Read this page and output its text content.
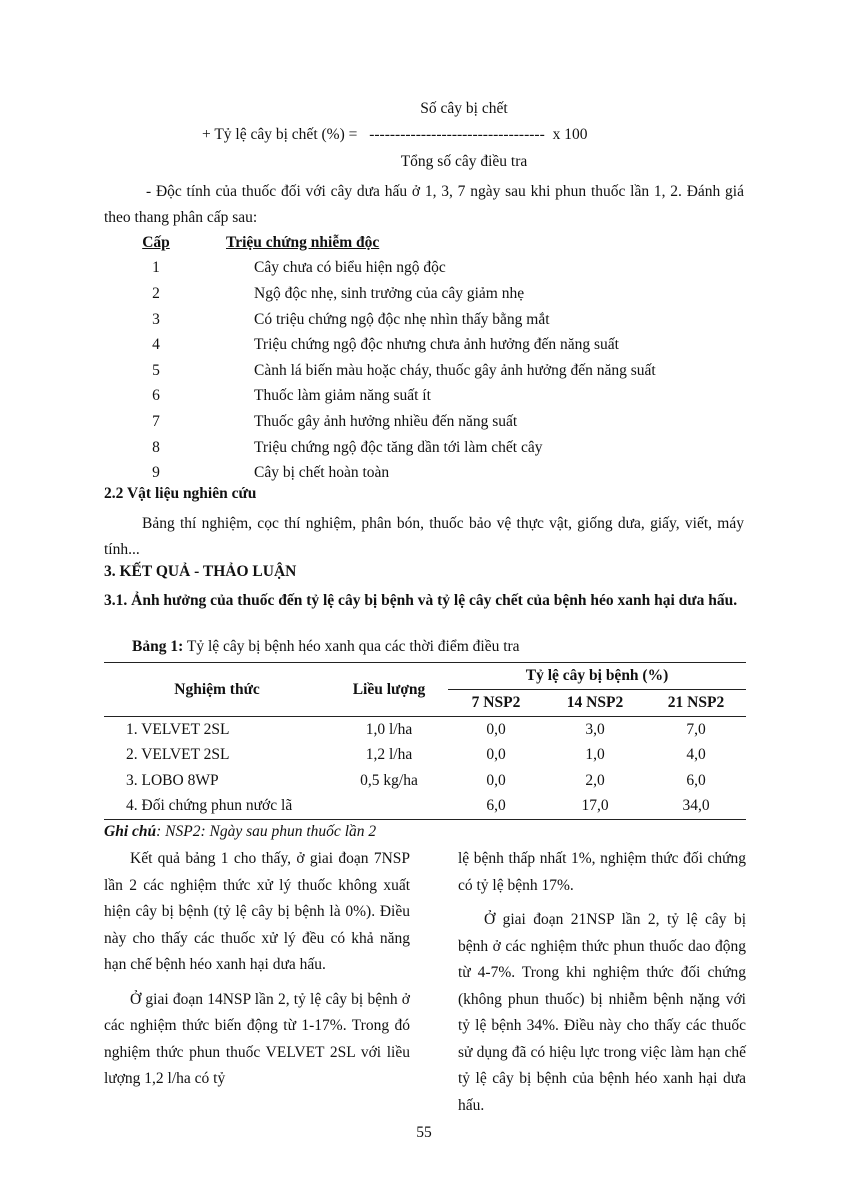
Số cây bị chết
+ Tỷ lệ cây bị chết (%) = ---------------------------------- x 100
Tổng số cây điều tra
- Độc tính của thuốc đối với cây dưa hấu ở 1, 3, 7 ngày sau khi phun thuốc lần 1, 2. Đánh giá theo thang phân cấp sau:
Cấp	Triệu chứng nhiễm độc
1	Cây chưa có biểu hiện ngộ độc
2	Ngộ độc nhẹ, sinh trưởng của cây giảm nhẹ
3	Có triệu chứng ngộ độc nhẹ nhìn thấy bằng mắt
4	Triệu chứng ngộ độc nhưng chưa ảnh hưởng đến năng suất
5	Cành lá biến màu hoặc cháy, thuốc gây ảnh hưởng đến năng suất
6	Thuốc làm giảm năng suất ít
7	Thuốc gây ảnh hưởng nhiều đến năng suất
8	Triệu chứng ngộ độc tăng dần tới làm chết cây
9	Cây bị chết hoàn toàn
2.2 Vật liệu nghiên cứu
Bảng thí nghiệm, cọc thí nghiệm, phân bón, thuốc bảo vệ thực vật, giống dưa, giấy, viết, máy tính...
3. KẾT QUẢ - THẢO LUẬN
3.1. Ảnh hưởng của thuốc đến tỷ lệ cây bị bệnh và tỷ lệ cây chết của bệnh héo xanh hại dưa hấu.
Bảng 1: Tỷ lệ cây bị bệnh héo xanh qua các thời điểm điều tra
Nghiệm thức	Liều lượng	Tỷ lệ cây bị bệnh (%)		
		7 NSP2	14 NSP2	21 NSP2
1. VELVET 2SL	1,0 l/ha	0,0	3,0	7,0
2. VELVET 2SL	1,2 l/ha	0,0	1,0	4,0
3. LOBO 8WP	0,5 kg/ha	0,0	2,0	6,0
4. Đối chứng phun nước lã		6,0	17,0	34,0
Ghi chú: NSP2: Ngày sau phun thuốc lần 2

Kết quả bảng 1 cho thấy, ở giai đoạn 7NSP lần 2 các nghiệm thức xử lý thuốc không xuất hiện cây bị bệnh (tỷ lệ cây bị bệnh là 0%). Điều này cho thấy các thuốc xử lý đều có khả năng hạn chế bệnh héo xanh hại dưa hấu.

Ở giai đoạn 14NSP lần 2, tỷ lệ cây bị bệnh ở các nghiệm thức biến động từ 1-17%. Trong đó nghiệm thức phun thuốc VELVET 2SL với liều lượng 1,2 l/ha có tỷ

lệ bệnh thấp nhất 1%, nghiệm thức đối chứng có tỷ lệ bệnh 17%.

Ở giai đoạn 21NSP lần 2, tỷ lệ cây bị bệnh ở các nghiệm thức phun thuốc dao động từ 4-7%. Trong khi nghiệm thức đối chứng (không phun thuốc) bị nhiễm bệnh nặng với tỷ lệ bệnh 34%. Điều này cho thấy các thuốc sử dụng đã có hiệu lực trong việc làm hạn chế tỷ lệ cây bị bệnh của bệnh héo xanh hại dưa hấu.

55
